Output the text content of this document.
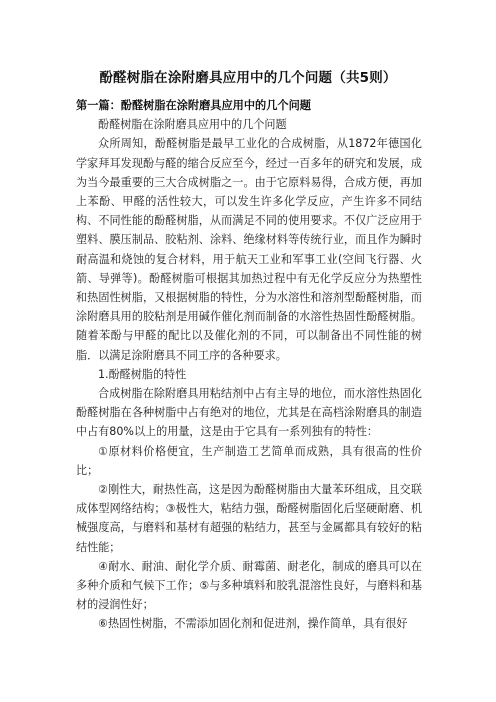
酚醛树脂在涂附磨具应用中的几个问题（共5则）

第一篇：酚醛树脂在涂附磨具应用中的几个问题

酚醛树脂在涂附磨具应用中的几个问题

众所周知，酚醛树脂是最早工业化的合成树脂，从1872年德国化学家拜耳发现酚与醛的缩合反应至今，经过一百多年的研究和发展，成为当今最重要的三大合成树脂之一。由于它原料易得，合成方便，再加上苯酚、甲醛的活性较大，可以发生许多化学反应，产生许多不同结构、不同性能的酚醛树脂，从而满足不同的使用要求。不仅广泛应用于塑料、膜压制品、胶粘剂、涂料、绝缘材料等传统行业，而且作为瞬时耐高温和烧蚀的复合材料，用于航天工业和军事工业(空间飞行器、火箭、导弹等)。酚醛树脂可根据其加热过程中有无化学反应分为热塑性和热固性树脂，又根据树脂的特性，分为水溶性和溶剂型酚醛树脂，而涂附磨具用的胶粘剂是用碱作催化剂而制备的水溶性热固性酚醛树脂。随着苯酚与甲醛的配比以及催化剂的不同，可以制备出不同性能的树脂．以满足涂附磨具不同工序的各种要求。

1.酚醛树脂的特性

合成树脂在除附磨具用粘结剂中占有主导的地位，而水溶性热固化酚醛树脂在各种树脂中占有绝对的地位，尤其是在高档涂附磨具的制造中占有80%以上的用量，这是由于它具有一系列独有的特性：

①原材料价格便宜，生产制造工艺简单而成熟，具有很高的性价比；

②刚性大，耐热性高，这是因为酚醛树脂由大量苯环组成，且交联成体型网络结构；③极性大，粘结力强，酚醛树脂固化后坚硬耐磨、机械强度高，与磨料和基材有超强的粘结力，甚至与金属都具有较好的粘结性能；

④耐水、耐油、耐化学介质、耐霉菌、耐老化，制成的磨具可以在多种介质和气候下工作；⑤与多种填料和胶乳混溶性良好，与磨料和基材的浸润性好；

⑥热固性树脂，不需添加固化剂和促进剂，操作简单，具有很好
